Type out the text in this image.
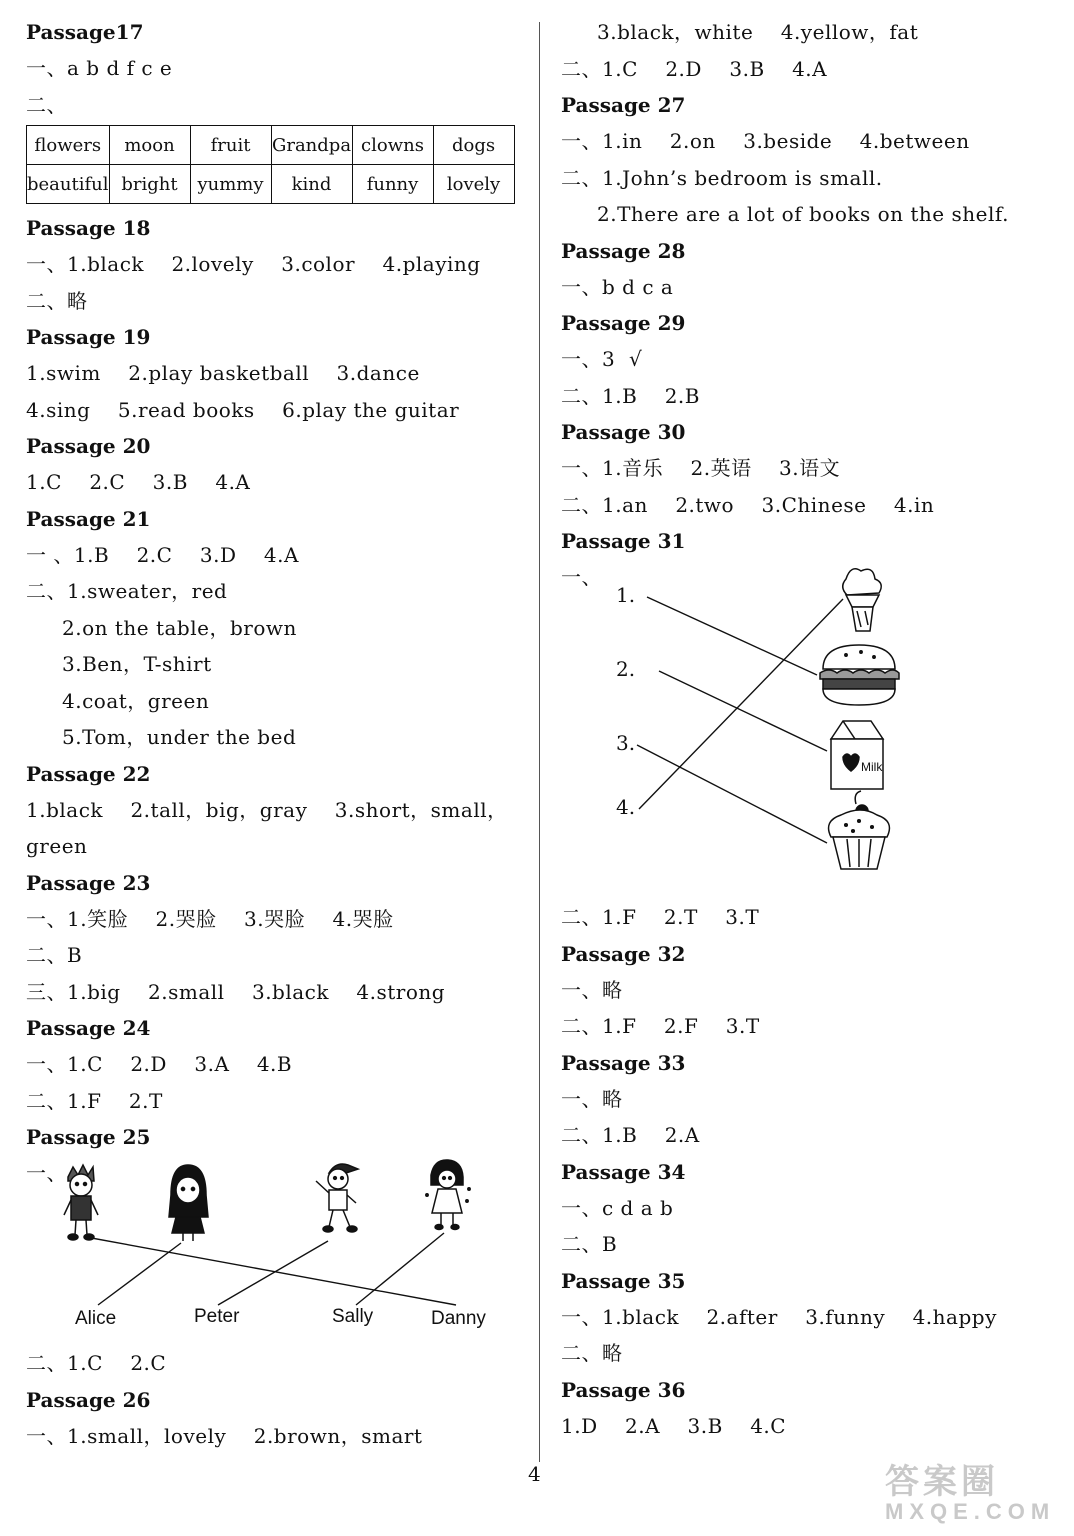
Passage17
一、a b d f c e
二、
flowers	moon	fruit	Grandpa	clowns	dogs
beautiful	bright	yummy	kind	funny	lovely
Passage 18
一、1.black    2.lovely    3.color    4.playing
二、略
Passage 19
1.swim    2.play basketball    3.dance
4.sing    5.read books    6.play the guitar
Passage 20
1.C    2.C    3.B    4.A
Passage 21
一 、1.B    2.C    3.D    4.A
二、1.sweater，red
2.on the table，brown
3.Ben，T-shirt
4.coat，green
5.Tom，under the bed
Passage 22
1.black    2.tall，big，gray    3.short，small，
green
Passage 23
一、1.笑脸    2.哭脸    3.哭脸    4.哭脸
二、B
三、1.big    2.small    3.black    4.strong
Passage 24
一、1.C    2.D    3.A    4.B
二、1.F    2.T
Passage 25
一、
Alice	Peter	Sally	Danny
二、1.C    2.C
Passage 26
一、1.small，lovely    2.brown，smart
3.black，white    4.yellow，fat
二、1.C    2.D    3.B    4.A
Passage 27
一、1.in    2.on    3.beside    4.between
二、1.John’s bedroom is small.
2.There are a lot of books on the shelf.
Passage 28
一、b d c a
Passage 29
一、3  √
二、1.B    2.B
Passage 30
一、1.音乐    2.英语    3.语文
二、1.an    2.two    3.Chinese    4.in
Passage 31
一、
1.
2.
3.
4.
Milk
二、1.F    2.T    3.T
Passage 32
一、略
二、1.F    2.F    3.T
Passage 33
一、略
二、1.B    2.A
Passage 34
一、c d a b
二、B
Passage 35
一、1.black    2.after    3.funny    4.happy
二、略
Passage 36
1.D    2.A    3.B    4.C
4	答案圈
MXQE.COM
